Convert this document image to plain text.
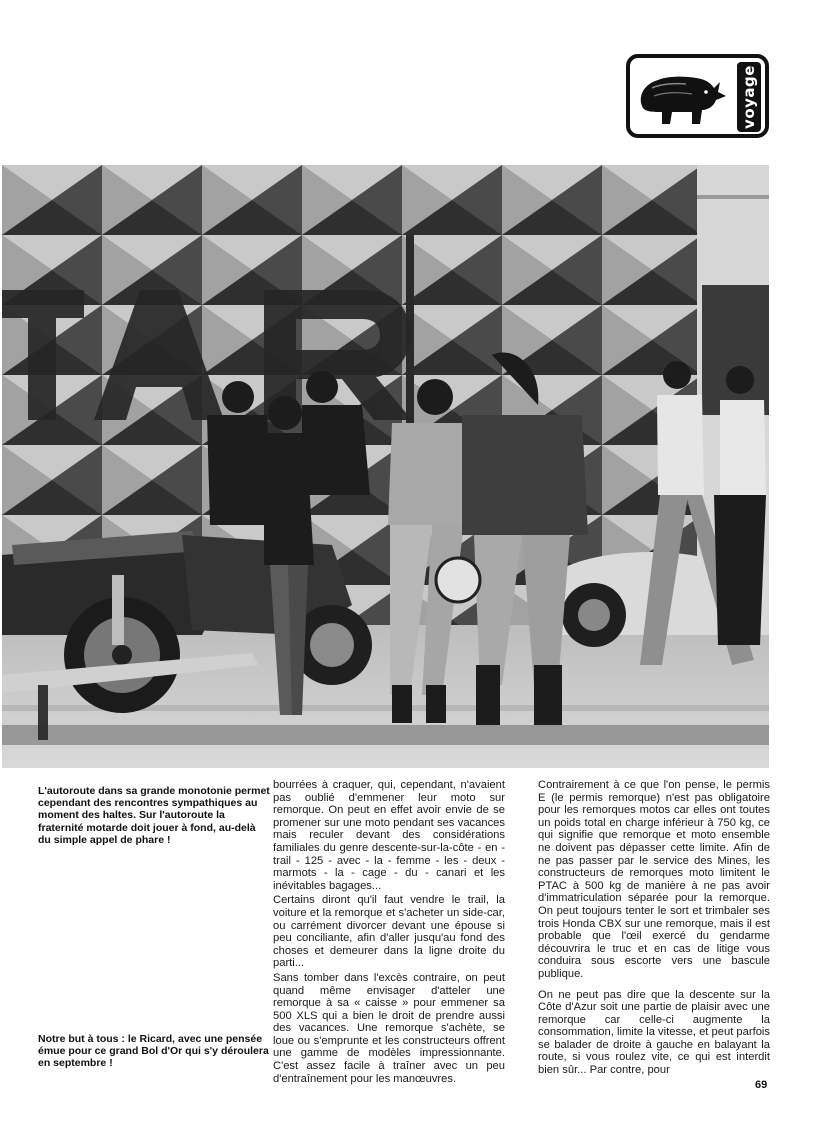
voyage
L'autoroute dans sa grande monotonie permet cependant des rencontres sympathiques au moment des haltes. Sur l'autoroute la fraternité motarde doit jouer à fond, au-delà du simple appel de phare !
Notre but à tous : le Ricard, avec une pensée émue pour ce grand Bol d'Or qui s'y déroulera en septembre !

bourrées à craquer, qui, cependant, n'avaient pas oublié d'emmener leur moto sur remorque. On peut en effet avoir envie de se promener sur une moto pendant ses vacances mais reculer devant des considérations familiales du genre descente-sur-la-côte - en - trail - 125 - avec - la - femme - les - deux - marmots - la - cage - du - canari et les inévitables bagages...

Certains diront qu'il faut vendre le trail, la voiture et la remorque et s'acheter un side-car, ou carrément divorcer devant une épouse si peu conciliante, afin d'aller jusqu'au fond des choses et demeurer dans la ligne droite du parti...

Sans tomber dans l'excès contraire, on peut quand même envisager d'atteler une remorque à sa « caisse » pour emmener sa 500 XLS qui a bien le droit de prendre aussi des vacances. Une remorque s'achète, se loue ou s'emprunte et les constructeurs offrent une gamme de modèles impressionnante. C'est assez facile à traîner avec un peu d'entraînement pour les manœuvres.

Contrairement à ce que l'on pense, le permis E (le permis remorque) n'est pas obligatoire pour les remorques motos car elles ont toutes un poids total en charge inférieur à 750 kg, ce qui signifie que remorque et moto ensemble ne doivent pas dépasser cette limite. Afin de ne pas passer par le service des Mines, les constructeurs de remorques moto limitent le PTAC à 500 kg de manière à ne pas avoir d'immatriculation séparée pour la remorque. On peut toujours tenter le sort et trimbaler ses trois Honda CBX sur une remorque, mais il est probable que l'œil exercé du gendarme découvrira le truc et en cas de litige vous conduira sous escorte vers une bascule publique.

On ne peut pas dire que la descente sur la Côte d'Azur soit une partie de plaisir avec une remorque car celle-ci augmente la consommation, limite la vitesse, et peut parfois se balader de droite à gauche en balayant la route, si vous roulez vite, ce qui est interdit bien sûr... Par contre, pour

69
